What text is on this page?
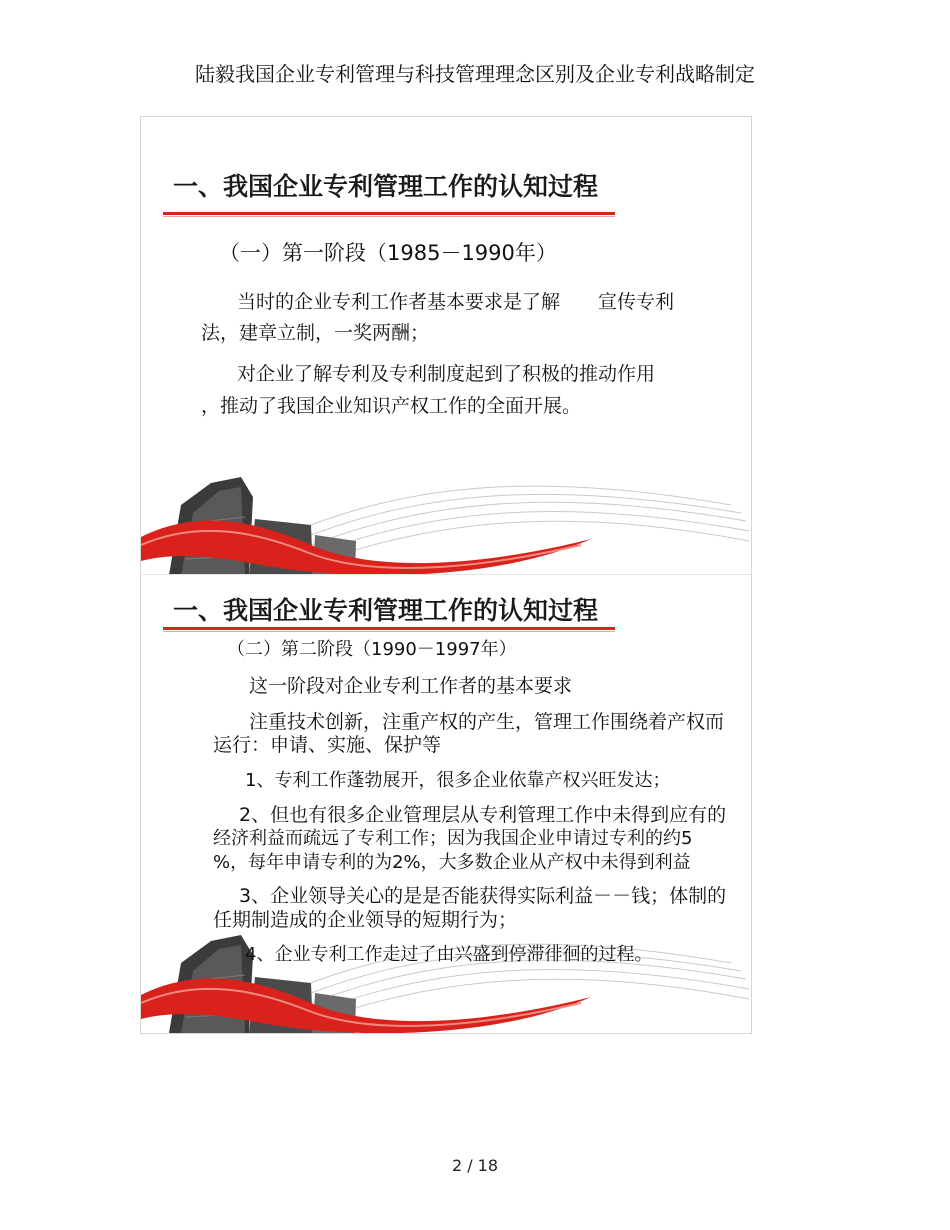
陆毅我国企业专利管理与科技管理理念区别及企业专利战略制定
一、我国企业专利管理工作的认知过程
（一）第一阶段（1985－1990年）
当时的企业专利工作者基本要求是了解　　宣传专利
法，建章立制，一奖两酬；
对企业了解专利及专利制度起到了积极的推动作用
，推动了我国企业知识产权工作的全面开展。
一、我国企业专利管理工作的认知过程
（二）第二阶段（1990－1997年）
这一阶段对企业专利工作者的基本要求
注重技术创新，注重产权的产生，管理工作围绕着产权而
运行：申请、实施、保护等
1、专利工作蓬勃展开，很多企业依靠产权兴旺发达；
2、但也有很多企业管理层从专利管理工作中未得到应有的
经济利益而疏远了专利工作；因为我国企业申请过专利的约5
%，每年申请专利的为2%，大多数企业从产权中未得到利益
3、企业领导关心的是是否能获得实际利益－－钱；体制的
任期制造成的企业领导的短期行为；
4、企业专利工作走过了由兴盛到停滞徘徊的过程。
2 / 18
